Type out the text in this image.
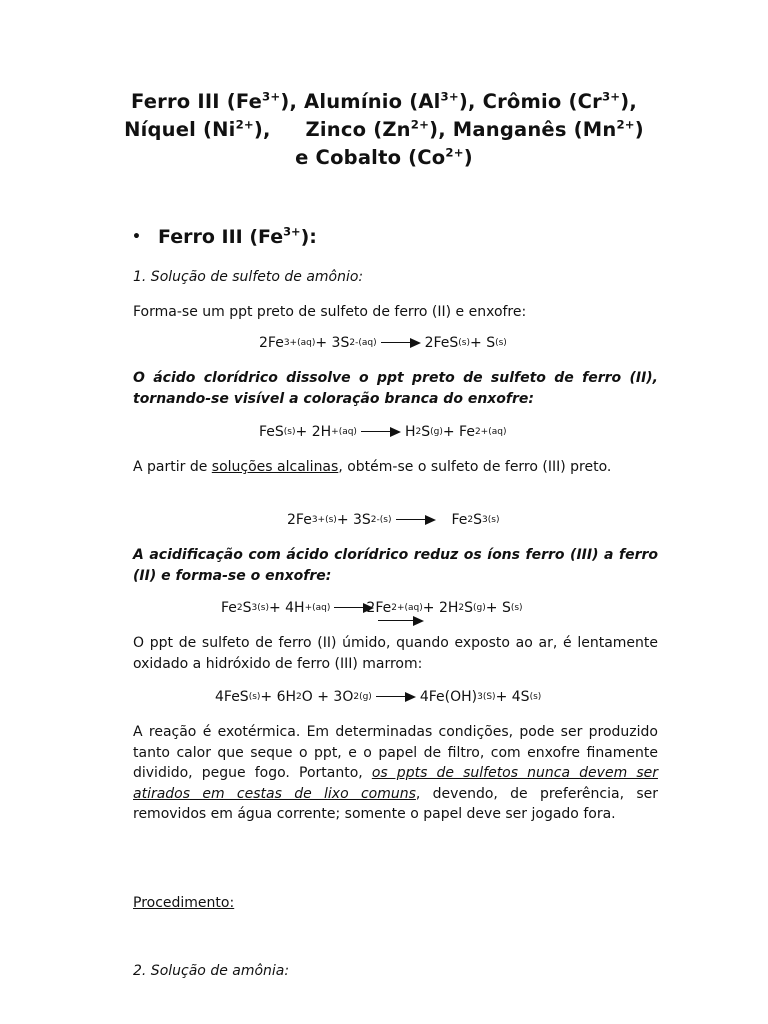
Ferro III $(Fe^{3+})$, Alumínio $(Al^{3+})$, Crômio $(Cr^{3+})$,
Níquel $(Ni^{2+})$,     Zinco $(Zn^{2+})$, Manganês $(Mn^{2+})$
e Cobalto $(Co^{2+})$
• Ferro III $(Fe^{3+})$:
1. Solução de sulfeto de amônio:
Forma-se um ppt preto de sulfeto de ferro (II) e enxofre:
2Fe 3+ (aq) + 3S 2- (aq)	2FeS (s) + S (s)
O ácido clorídrico dissolve o ppt preto de sulfeto de ferro (II), tornando-se visível a coloração branca do enxofre:
FeS (s) + 2H + (aq)	H 2 S (g) + Fe 2+ (aq)
A partir de soluções alcalinas, obtém-se o sulfeto de ferro (III) preto.
2Fe 3+ (s) + 3S 2- (s)	Fe 2 S 3(s)
A acidificação com ácido clorídrico reduz os íons ferro (III) a ferro (II) e forma-se o enxofre:
Fe 2 S 3(s) + 4H + (aq)	2Fe 2+ (aq) + 2H 2 S (g) + S (s)
O ppt de sulfeto de ferro (II) úmido, quando exposto ao ar, é lentamente oxidado a hidróxido de ferro (III) marrom:
4FeS (s) + 6H 2 O + 3O 2(g)	4Fe(OH) 3(S) + 4S (s)
A reação é exotérmica. Em determinadas condições, pode ser produzido tanto calor que seque o ppt, e o papel de filtro, com enxofre finamente dividido, pegue fogo. Portanto, os ppts de sulfetos nunca devem ser atirados em cestas de lixo comuns, devendo, de preferência, ser removidos em água corrente; somente o papel deve ser jogado fora.
Procedimento:
2. Solução de amônia:
